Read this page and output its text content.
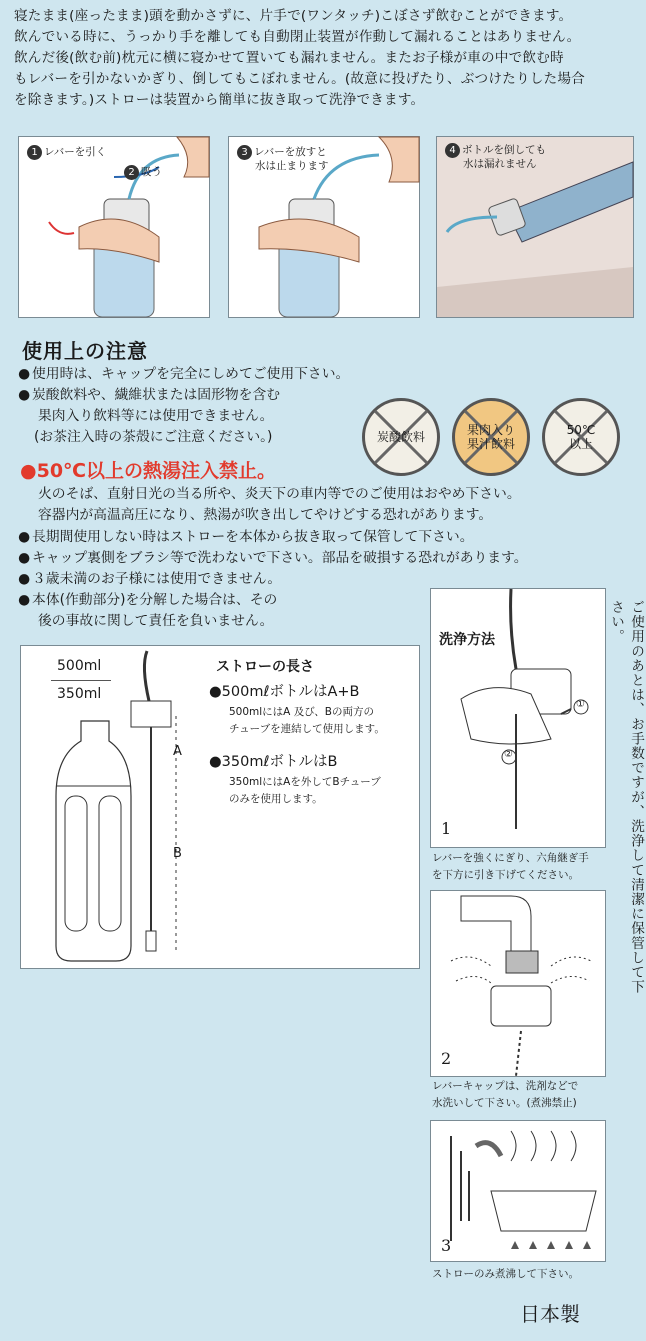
寝たまま(座ったまま)頭を動かさずに、片手で(ワンタッチ)こぼさず飲むことができます。
飲んでいる時に、うっかり手を離しても自動閉止装置が作動して漏れることはありません。
飲んだ後(飲む前)枕元に横に寝かせて置いても漏れません。またお子様が車の中で飲む時
もレバーを引かないかぎり、倒してもこぼれません。(故意に投げたり、ぶつけたりした場合
を除きます。)ストローは装置から簡単に抜き取って洗浄できます。
1 レバーを引く
2 吸う
3 レバーを放すと
水は止まります
4 ボトルを倒しても
水は漏れません
使用上の注意
● 使用時は、キャップを完全にしめてご使用下さい。
● 炭酸飲料や、繊維状または固形物を含む
果肉入り飲料等には使用できません。
(お茶注入時の茶殻にご注意ください。)	炭酸飲料	果肉入り
果汁飲料
50℃
以上
●50℃以上の熱湯注入禁止。
火のそば、直射日光の当る所や、炎天下の車内等でのご使用はおやめ下さい。
容器内が高温高圧になり、熱湯が吹き出してやけどする恐れがあります。
● 長期間使用しない時はストローを本体から抜き取って保管して下さい。
● キャップ裏側をブラシ等で洗わないで下さい。部品を破損する恐れがあります。
● ３歳未満のお子様には使用できません。
● 本体(作動部分)を分解した場合は、その
後の事故に関して責任を負いません。
500ml
350ml
A
B
ストローの長さ
●500mℓボトルはA+B
500mlにはA 及び、Bの両方の
チューブを連結して使用します。
●350mℓボトルはB
350mlにはAを外してBチューブ
のみを使用します。
洗浄方法
①
②
1
レバーを強くにぎり、六角継ぎ手
を下方に引き下げてください。
2
レバーキャップは、洗剤などで
水洗いして下さい。(煮沸禁止)
3
ストローのみ煮沸して下さい。
ご使用のあとは、お手数ですが、洗浄して清潔に保管して下さい。
日本製
